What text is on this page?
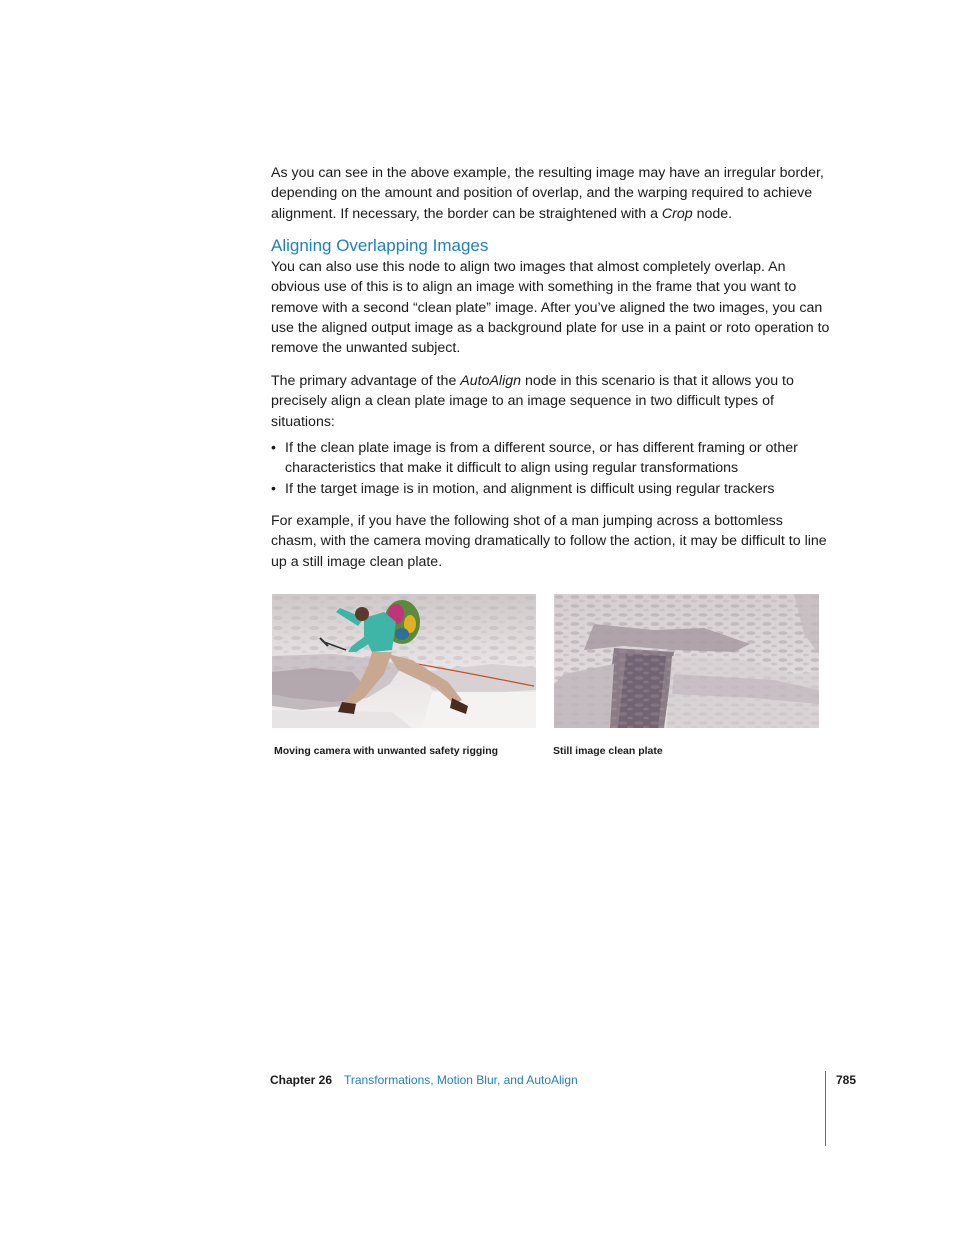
As you can see in the above example, the resulting image may have an irregular border, depending on the amount and position of overlap, and the warping required to achieve alignment. If necessary, the border can be straightened with a Crop node.

Aligning Overlapping Images

You can also use this node to align two images that almost completely overlap. An obvious use of this is to align an image with something in the frame that you want to remove with a second “clean plate” image. After you’ve aligned the two images, you can use the aligned output image as a background plate for use in a paint or roto operation to remove the unwanted subject.

The primary advantage of the AutoAlign node in this scenario is that it allows you to precisely align a clean plate image to an image sequence in two difficult types of situations:

• If the clean plate image is from a different source, or has different framing or other characteristics that make it difficult to align using regular transformations
• If the target image is in motion, and alignment is difficult using regular trackers

For example, if you have the following shot of a man jumping across a bottomless chasm, with the camera moving dramatically to follow the action, it may be difficult to line up a still image clean plate.

Moving camera with unwanted safety rigging	Still image clean plate
Chapter 26 Transformations, Motion Blur, and AutoAlign	785
